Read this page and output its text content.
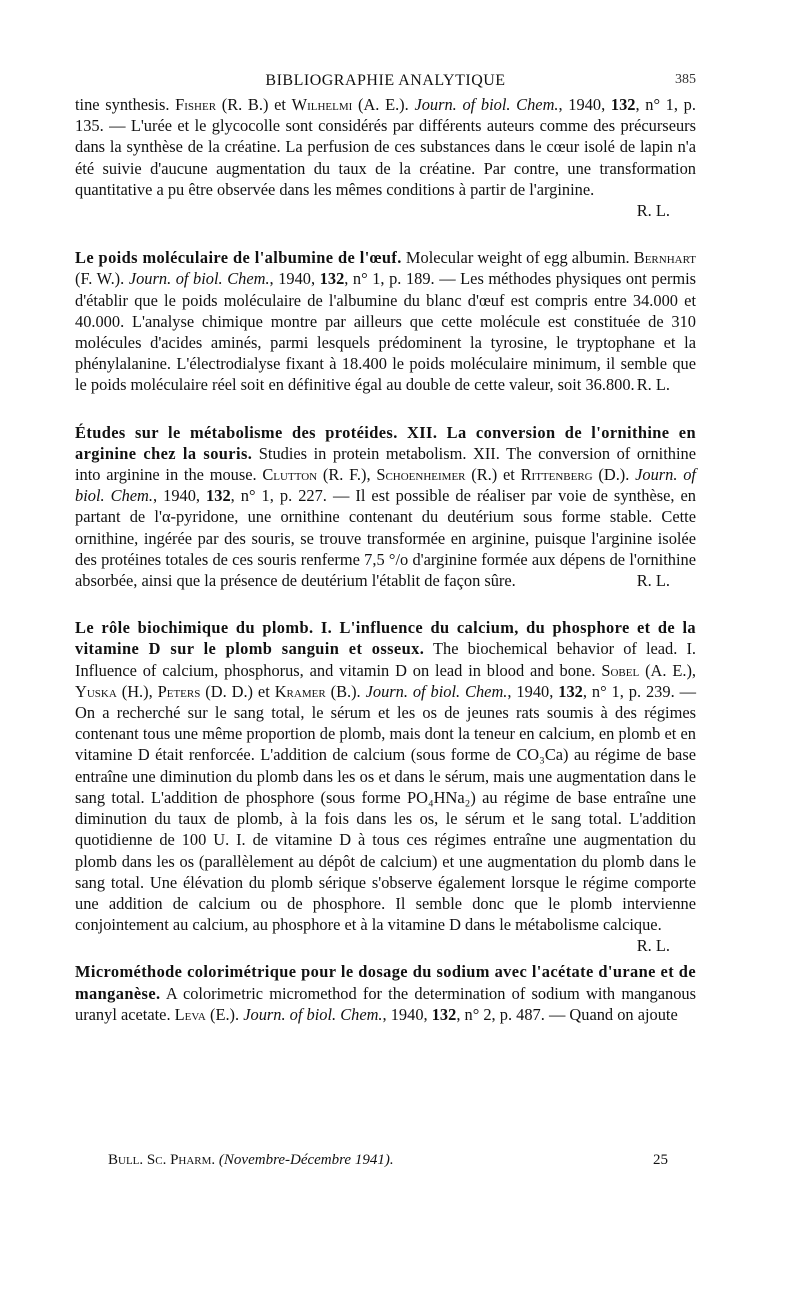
BIBLIOGRAPHIE ANALYTIQUE	385

tine synthesis. Fisher (R. B.) et Wilhelmi (A. E.). Journ. of biol. Chem., 1940, 132, n° 1, p. 135. — L'urée et le glycocolle sont considérés par différents auteurs comme des précurseurs dans la synthèse de la créatine. La perfusion de ces substances dans le cœur isolé de lapin n'a été suivie d'aucune augmentation du taux de la créatine. Par contre, une transformation quantitative a pu être observée dans les mêmes conditions à partir de l'arginine.

R. L.

Le poids moléculaire de l'albumine de l'œuf. Molecular weight of egg albumin. Bernhart (F. W.). Journ. of biol. Chem., 1940, 132, n° 1, p. 189. — Les méthodes physiques ont permis d'établir que le poids moléculaire de l'albumine du blanc d'œuf est compris entre 34.000 et 40.000. L'analyse chimique montre par ailleurs que cette molécule est constituée de 310 molécules d'acides aminés, parmi lesquels prédominent la tyrosine, le tryptophane et la phénylalanine. L'électrodialyse fixant à 18.400 le poids moléculaire minimum, il semble que le poids moléculaire réel soit en définitive égal au double de cette valeur, soit 36.800. R. L.

Études sur le métabolisme des protéides. XII. La conversion de l'ornithine en arginine chez la souris. Studies in protein metabolism. XII. The conversion of ornithine into arginine in the mouse. Clutton (R. F.), Schoenheimer (R.) et Rittenberg (D.). Journ. of biol. Chem., 1940, 132, n° 1, p. 227. — Il est possible de réaliser par voie de synthèse, en partant de l'α-pyridone, une ornithine contenant du deutérium sous forme stable. Cette ornithine, ingérée par des souris, se trouve transformée en arginine, puisque l'arginine isolée des protéines totales de ces souris renferme 7,5 °/o d'arginine formée aux dépens de l'ornithine absorbée, ainsi que la présence de deutérium l'établit de façon sûre.	R. L.

Le rôle biochimique du plomb. I. L'influence du calcium, du phosphore et de la vitamine D sur le plomb sanguin et osseux. The biochemical behavior of lead. I. Influence of calcium, phosphorus, and vitamin D on lead in blood and bone. Sobel (A. E.), Yuska (H.), Peters (D. D.) et Kramer (B.). Journ. of biol. Chem., 1940, 132, n° 1, p. 239. — On a recherché sur le sang total, le sérum et les os de jeunes rats soumis à des régimes contenant tous une même proportion de plomb, mais dont la teneur en calcium, en plomb et en vitamine D était renforcée. L'addition de calcium (sous forme de CO₃Ca) au régime de base entraîne une diminution du plomb dans les os et dans le sérum, mais une augmentation dans le sang total. L'addition de phosphore (sous forme PO₄HNa₂) au régime de base entraîne une diminution du taux de plomb, à la fois dans les os, le sérum et le sang total. L'addition quotidienne de 100 U. I. de vitamine D à tous ces régimes entraîne une augmentation du plomb dans les os (parallèlement au dépôt de calcium) et une augmentation du plomb dans le sang total. Une élévation du plomb sérique s'observe également lorsque le régime comporte une addition de calcium ou de phosphore. Il semble donc que le plomb intervienne conjointement au calcium, au phosphore et à la vitamine D dans le métabolisme calcique.
R. L.

Microméthode colorimétrique pour le dosage du sodium avec l'acétate d'urane et de manganèse. A colorimetric micromethod for the determination of sodium with manganous uranyl acetate. Leva (E.). Journ. of biol. Chem., 1940, 132, n° 2, p. 487. — Quand on ajoute

Bull. Sc. Pharm. (Novembre-Décembre 1941).	25
